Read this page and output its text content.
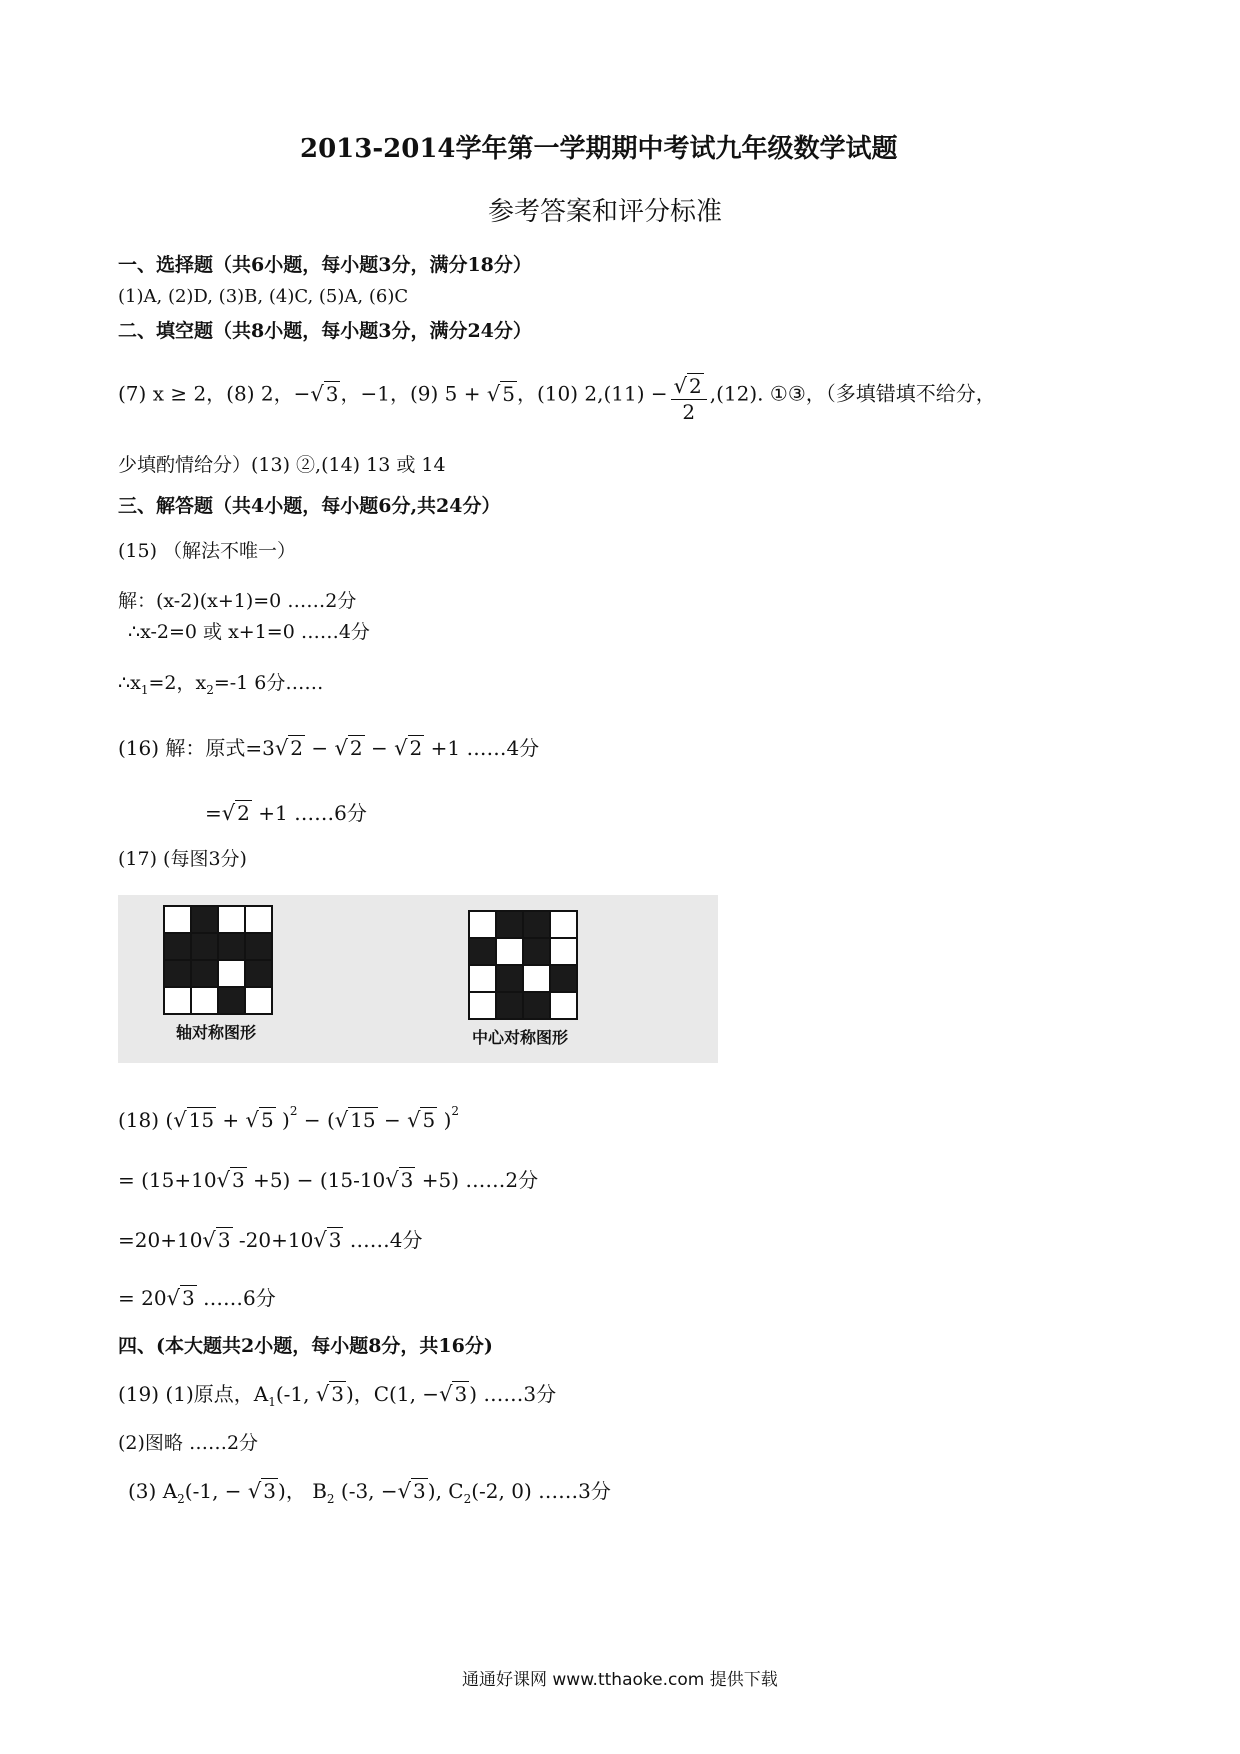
2013-2014学年第一学期期中考试九年级数学试题
参考答案和评分标准
一、选择题（共6小题，每小题3分，满分18分）
(1)A, (2)D, (3)B, (4)C, (5)A, (6)C
二、填空题（共8小题，每小题3分，满分24分）
(7) x ≥ 2，(8) 2，−√ 3 ，−1，(9) 5 + √ 5 ，(10) $2,(11) - \frac{√ 2}{2} ,(12)$. ①③，（多填错填不给分，
少填酌情给分）(13) ②,(14) 13 或 14
三、解答题（共4小题，每小题6分,共24分）
(15) （解法不唯一）
解：(x-2)(x+1)=0 ……2分
∴x-2=0 或 x+1=0 ……4分
$\therefore x_1=2$，$x_2=-1$ 6分……
(16) 解：原式=3√ 2 − √ 2 − √ 2 +1 ……4分
=√ 2 +1 ……6分
(17) (每图3分)
轴对称图形	中心对称图形
(18) (√ 15 + √ 5 )$^2$ − (√ 15 − √ 5 )$^2$
= (15+10√ 3 +5) − (15-10√ 3 +5) ……2分
=20+10√ 3 -20+10√ 3 ……4分
= 20√ 3 ……6分
四、(本大题共2小题，每小题8分，共16分)
(19) (1)原点，$A_1(-1$, √ 3 )，C(1, −√ 3 ) ……3分
(2)图略 ……2分
(3) $A_2(-1$, − √ 3 )， $B_2$ (-3, −√ 3 ), $C_2(-2$, 0) ……3分
通通好课网 www.tthaoke.com 提供下载
